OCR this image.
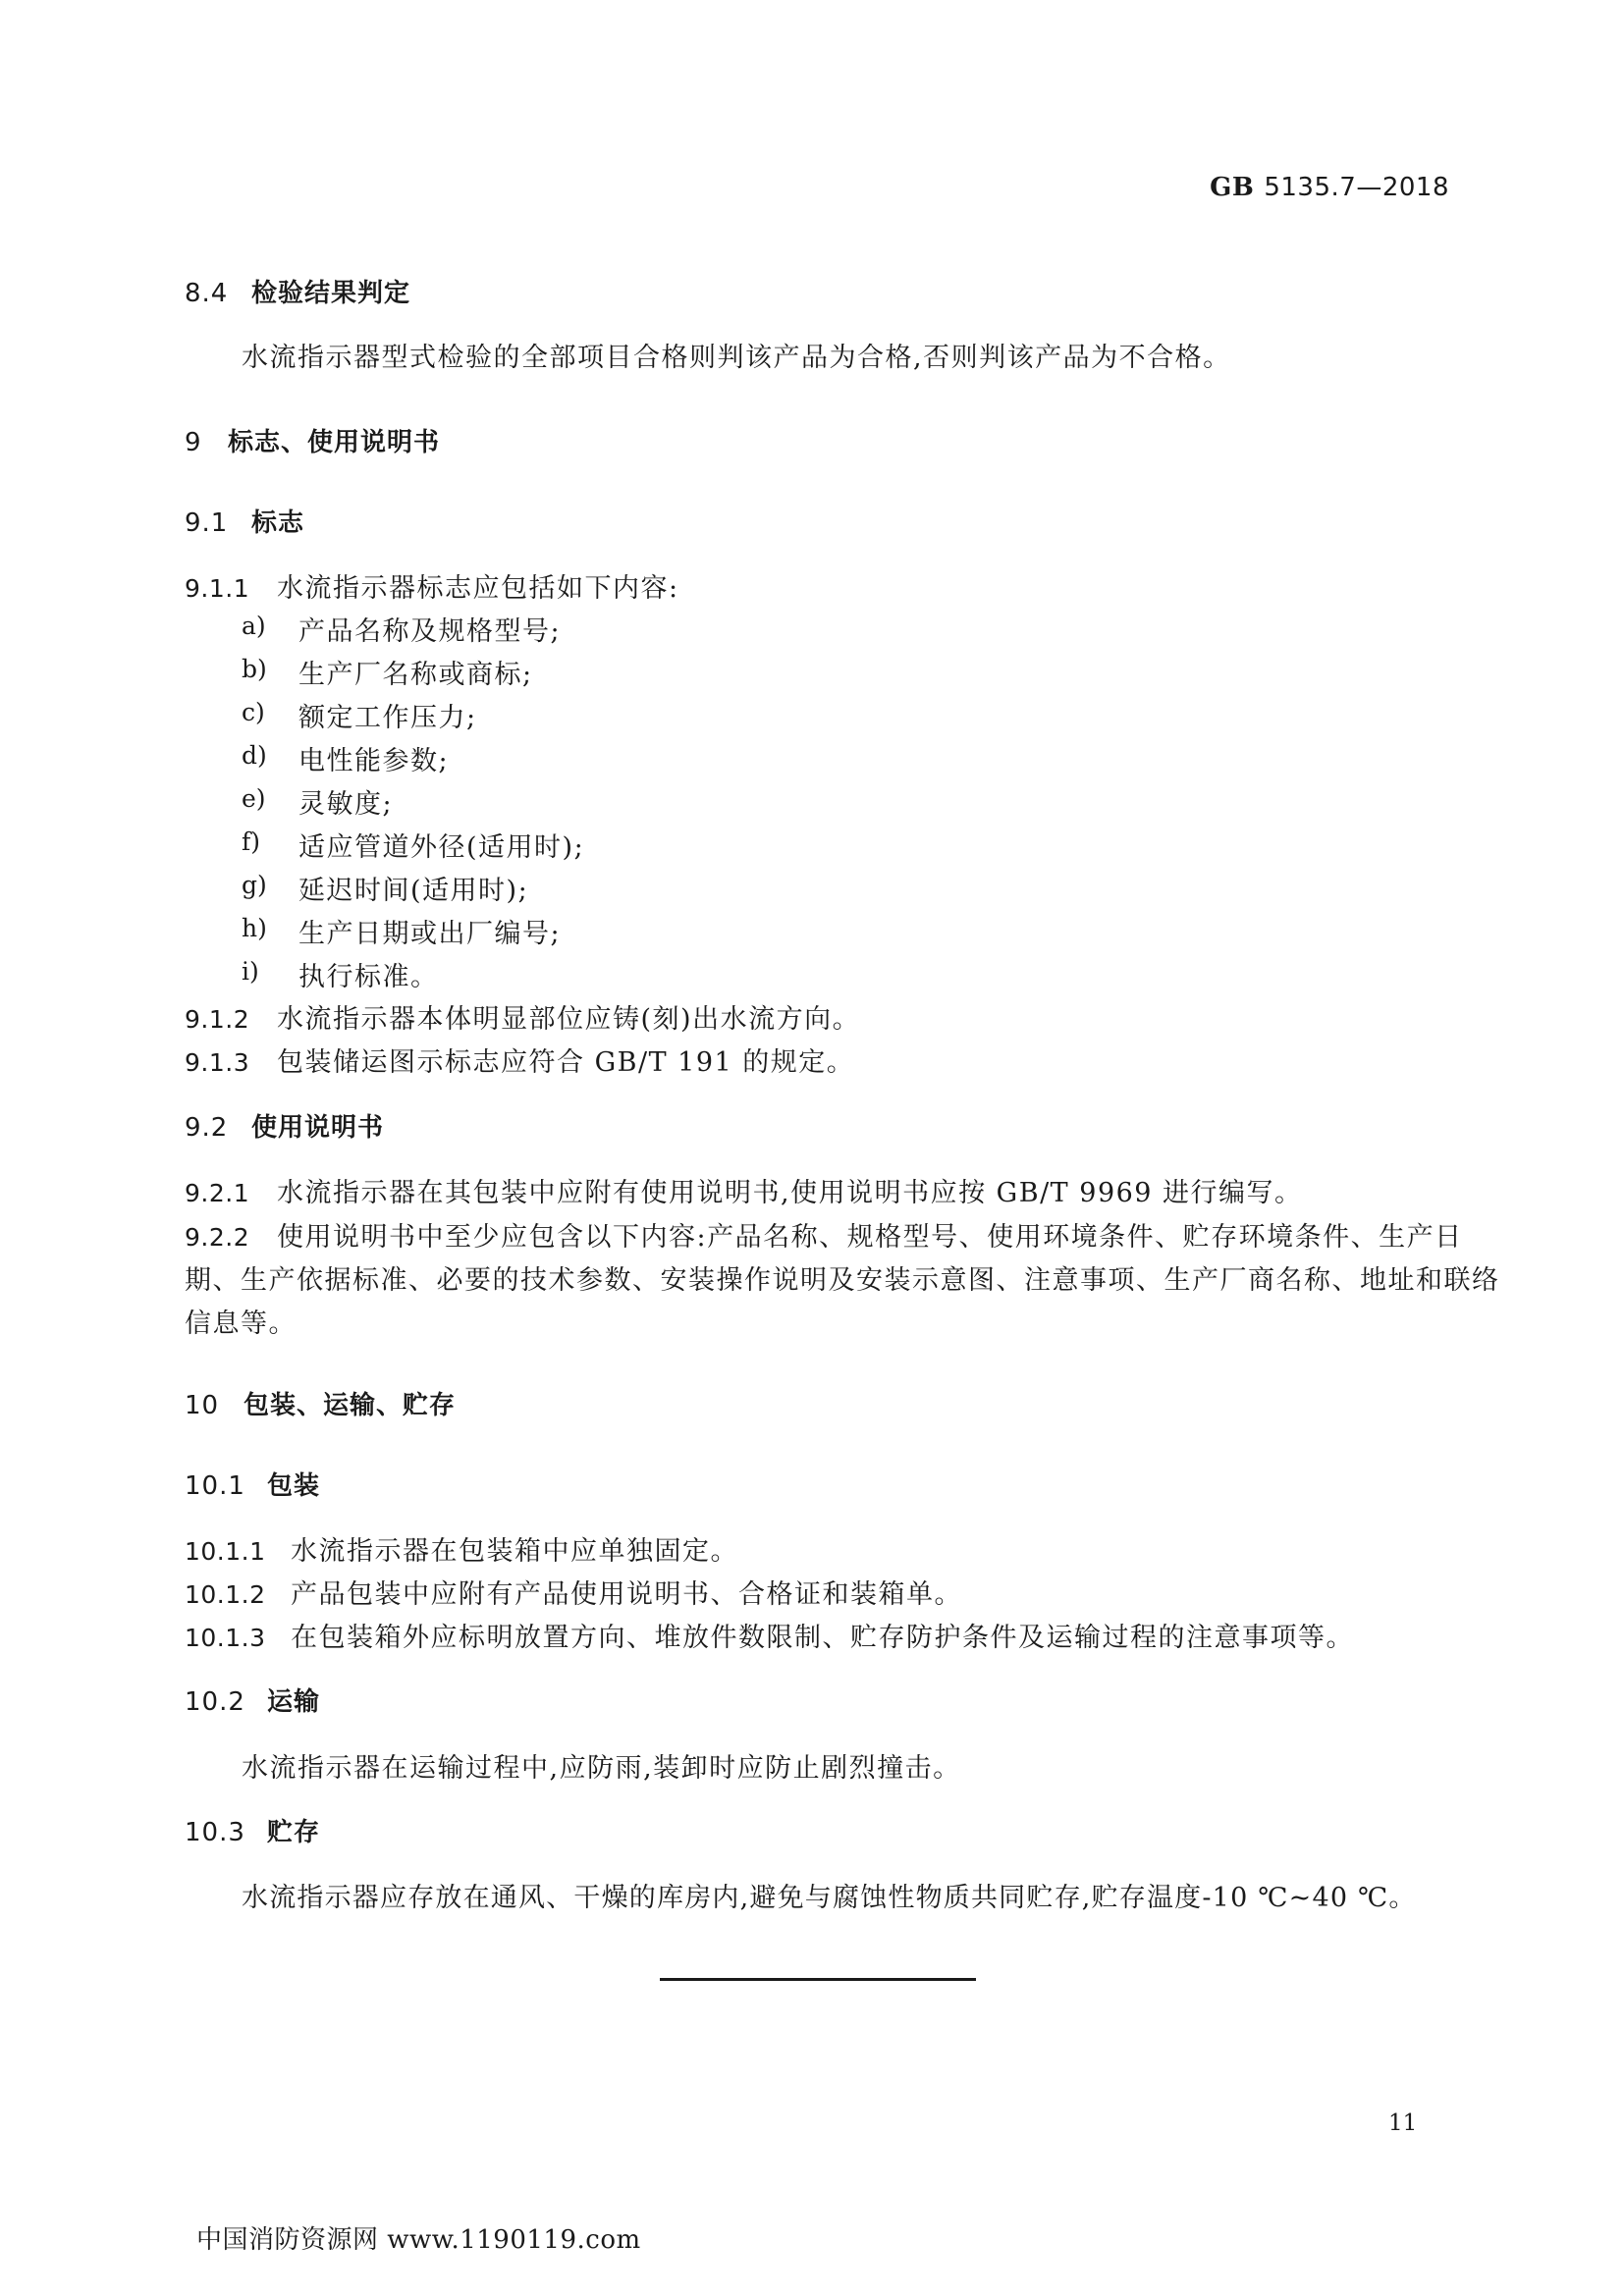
GB 5135.7—2018
8.4 检验结果判定
水流指示器型式检验的全部项目合格则判该产品为合格,否则判该产品为不合格。
9 标志、使用说明书
9.1 标志
9.1.1 水流指示器标志应包括如下内容:
a) 产品名称及规格型号;
b) 生产厂名称或商标;
c) 额定工作压力;
d) 电性能参数;
e) 灵敏度;
f) 适应管道外径(适用时);
g) 延迟时间(适用时);
h) 生产日期或出厂编号;
i) 执行标准。
9.1.2 水流指示器本体明显部位应铸(刻)出水流方向。
9.1.3 包装储运图示标志应符合 GB/T 191 的规定。
9.2 使用说明书
9.2.1 水流指示器在其包装中应附有使用说明书,使用说明书应按 GB/T 9969 进行编写。
9.2.2 使用说明书中至少应包含以下内容:产品名称、规格型号、使用环境条件、贮存环境条件、生产日
期、生产依据标准、必要的技术参数、安装操作说明及安装示意图、注意事项、生产厂商名称、地址和联络
信息等。
10 包装、运输、贮存
10.1 包装
10.1.1 水流指示器在包装箱中应单独固定。
10.1.2 产品包装中应附有产品使用说明书、合格证和装箱单。
10.1.3 在包装箱外应标明放置方向、堆放件数限制、贮存防护条件及运输过程的注意事项等。
10.2 运输
水流指示器在运输过程中,应防雨,装卸时应防止剧烈撞击。
10.3 贮存
水流指示器应存放在通风、干燥的库房内,避免与腐蚀性物质共同贮存,贮存温度-10 ℃~40 ℃。
11
中国消防资源网 www.1190119.com
